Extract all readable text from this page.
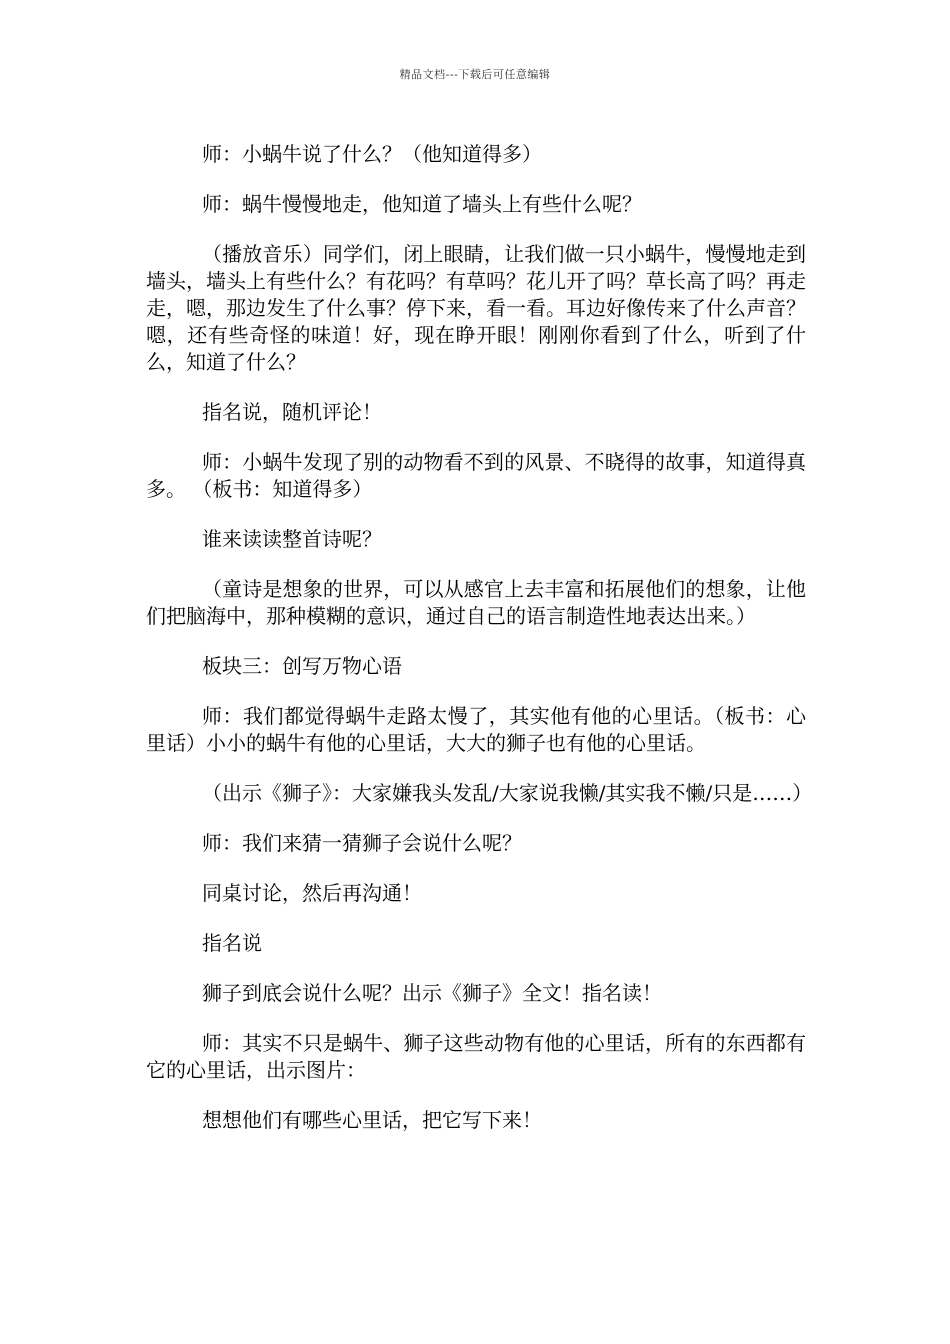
精品文档---下载后可任意编辑

师：小蜗牛说了什么？（他知道得多）

师：蜗牛慢慢地走，他知道了墙头上有些什么呢？

（播放音乐）同学们，闭上眼睛，让我们做一只小蜗牛，慢慢地走到墙头，墙头上有些什么？有花吗？有草吗？花儿开了吗？草长高了吗？再走走，嗯，那边发生了什么事？停下来，看一看。耳边好像传来了什么声音？嗯，还有些奇怪的味道！好，现在睁开眼！刚刚你看到了什么，听到了什么，知道了什么？

指名说，随机评论！

师：小蜗牛发现了别的动物看不到的风景、不晓得的故事，知道得真多。 （板书：知道得多）

谁来读读整首诗呢？

（童诗是想象的世界，可以从感官上去丰富和拓展他们的想象，让他们把脑海中，那种模糊的意识，通过自己的语言制造性地表达出来。）

板块三：创写万物心语

师：我们都觉得蜗牛走路太慢了，其实他有他的心里话。（板书：心里话）小小的蜗牛有他的心里话，大大的狮子也有他的心里话。

（出示《狮子》：大家嫌我头发乱/大家说我懒/其实我不懒/只是……）

师：我们来猜一猜狮子会说什么呢？

同桌讨论，然后再沟通！

指名说

狮子到底会说什么呢？出示《狮子》全文！指名读！

师：其实不只是蜗牛、狮子这些动物有他的心里话，所有的东西都有它的心里话，出示图片：

想想他们有哪些心里话，把它写下来！
